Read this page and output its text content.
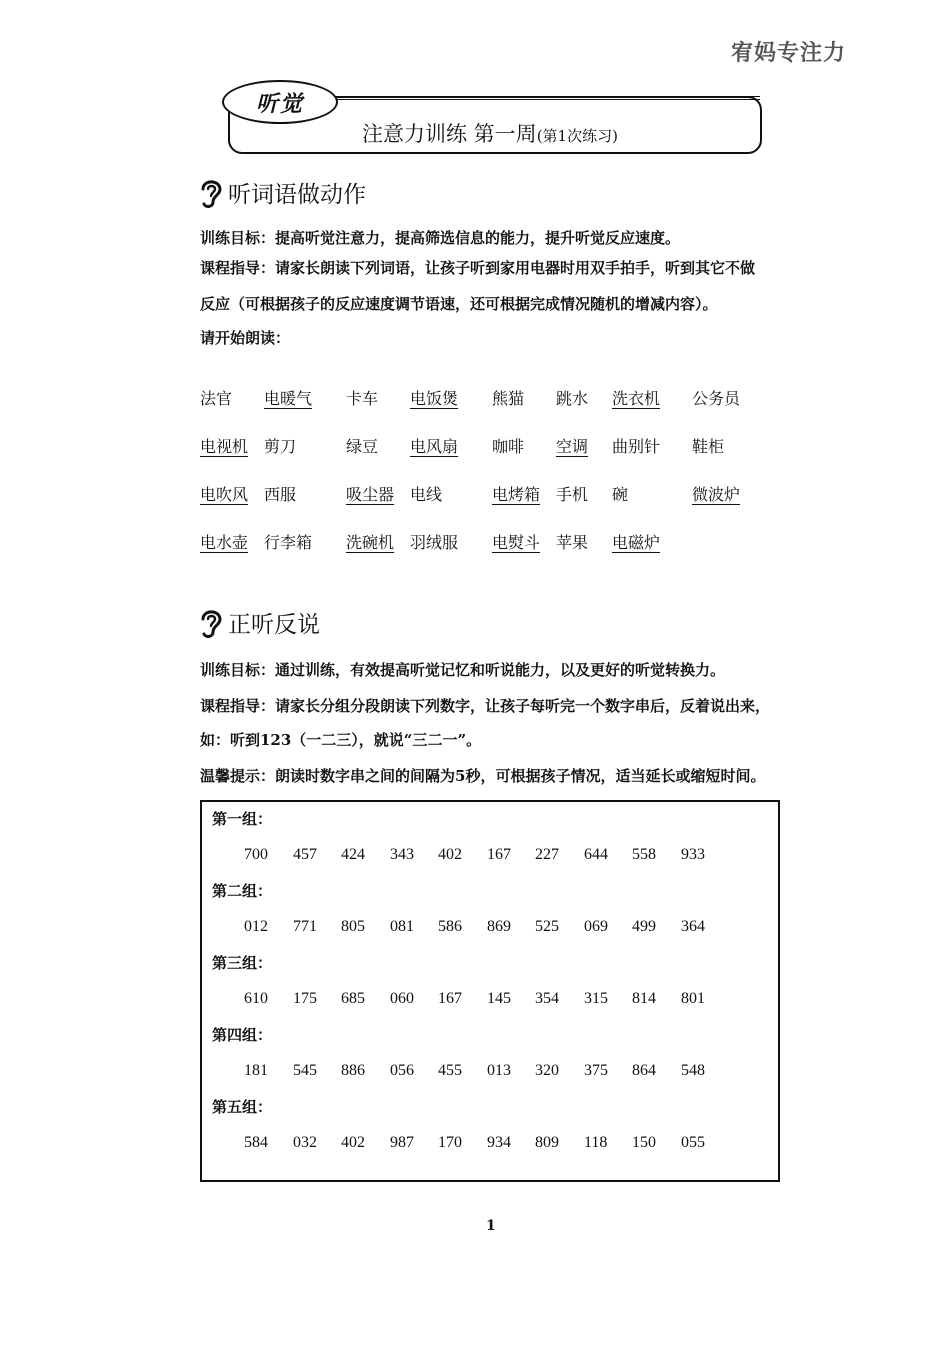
宥妈专注力
听觉
注意力训练 第一周(第1次练习)
听词语做动作
训练目标：提高听觉注意力，提高筛选信息的能力，提升听觉反应速度。
课程指导：请家长朗读下列词语，让孩子听到家用电器时用双手拍手，听到其它不做
反应（可根据孩子的反应速度调节语速，还可根据完成情况随机的增减内容）。
请开始朗读：
法官 电暖气 卡车 电饭煲 熊猫 跳水 洗衣机 公务员
电视机 剪刀	绿豆 电风扇 咖啡 空调 曲别针 鞋柜
电吹风 西服	吸尘器 电线	电烤箱 手机 碗	微波炉
电水壶 行李箱 洗碗机 羽绒服 电熨斗 苹果 电磁炉
正听反说
训练目标：通过训练，有效提高听觉记忆和听说能力，以及更好的听觉转换力。
课程指导：请家长分组分段朗读下列数字，让孩子每听完一个数字串后，反着说出来，
如：听到123（一二三），就说“三二一”。
温馨提示：朗读时数字串之间的间隔为5秒，可根据孩子情况，适当延长或缩短时间。
第一组：
700 457 424 343 402 167 227 644 558 933
第二组：
012 771 805 081 586 869 525 069 499 364
第三组：
610 175 685 060 167 145 354 315 814 801
第四组：
181 545 886 056 455 013 320 375 864 548
第五组：
584 032 402 987 170 934 809 118 150 055
1
